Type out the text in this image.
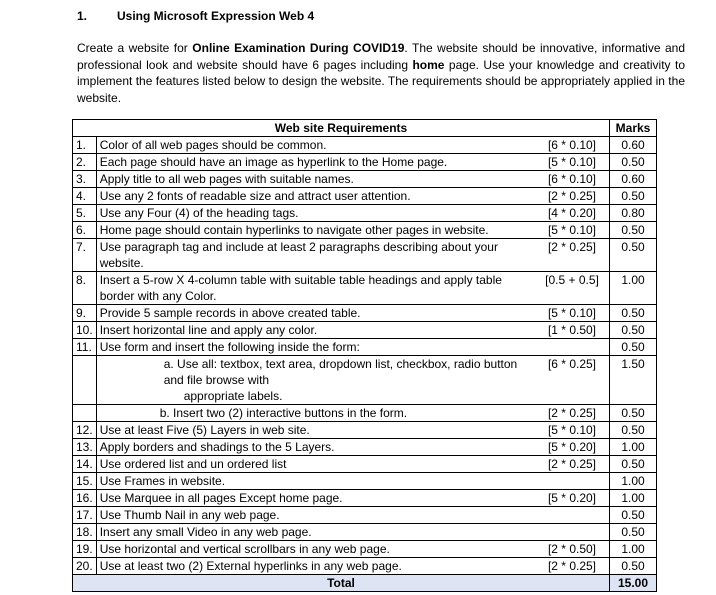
1. Using Microsoft Expression Web 4
Create a website for Online Examination During COVID19. The website should be innovative, informative and professional look and website should have 6 pages including home page. Use your knowledge and creativity to implement the features listed below to design the website. The requirements should be appropriately applied in the website.
Web site Requirements			Marks
1.	Color of all web pages should be common.	[6 * 0.10]	0.60
2.	Each page should have an image as hyperlink to the Home page.	[5 * 0.10]	0.50
3.	Apply title to all web pages with suitable names.	[6 * 0.10]	0.60
4.	Use any 2 fonts of readable size and attract user attention.	[2 * 0.25]	0.50
5.	Use any Four (4) of the heading tags.	[4 * 0.20]	0.80
6.	Home page should contain hyperlinks to navigate other pages in website.	[5 * 0.10]	0.50
7.	Use paragraph tag and include at least 2 paragraphs describing about your website.	[2 * 0.25]	0.50
8.	Insert a 5-row X 4-column table with suitable table headings and apply table border with any Color.	[0.5 + 0.5]	1.00
9.	Provide 5 sample records in above created table.	[5 * 0.10]	0.50
10.	Insert horizontal line and apply any color.	[1 * 0.50]	0.50
11.	Use form and insert the following inside the form:		0.50

	a. Use all: textbox, text area, dropdown list, checkbox, radio button
and file browse with
appropriate labels.	[6 * 0.25]	1.50

	b. Insert two (2) interactive buttons in the form.	[2 * 0.25]	0.50
12.	Use at least Five (5) Layers in web site.	[5 * 0.10]	0.50
13.	Apply borders and shadings to the 5 Layers.	[5 * 0.20]	1.00
14.	Use ordered list and un ordered list	[2 * 0.25]	0.50
15.	Use Frames in website.		1.00
16.	Use Marquee in all pages Except home page.	[5 * 0.20]	1.00
17.	Use Thumb Nail in any web page.		0.50
18.	Insert any small Video in any web page.		0.50
19.	Use horizontal and vertical scrollbars in any web page.	[2 * 0.50]	1.00
20.	Use at least two (2) External hyperlinks in any web page.	[2 * 0.25]	0.50
Total			15.00
